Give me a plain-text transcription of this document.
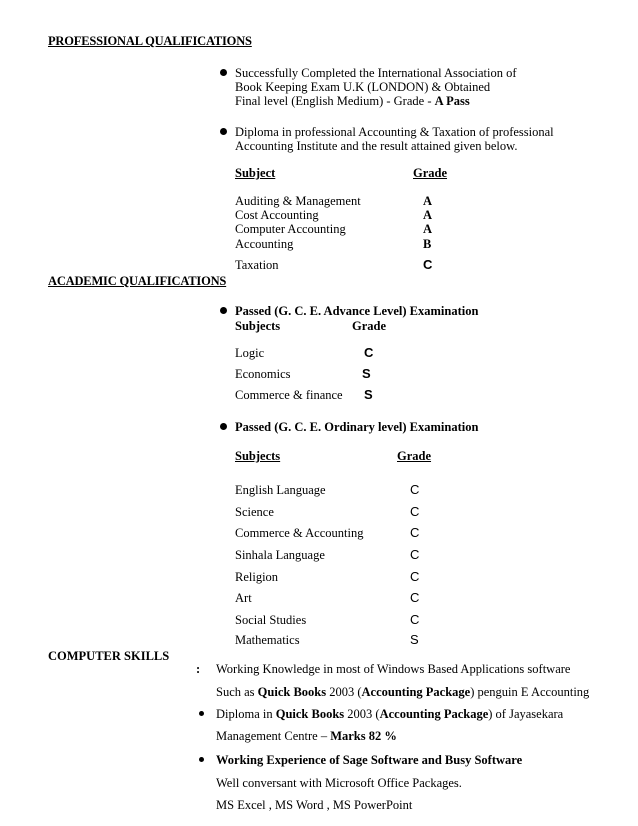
PROFESSIONAL QUALIFICATIONS
Successfully Completed the International Association of
Book Keeping Exam U.K (LONDON) & Obtained
Final level (English Medium) - Grade - A Pass
Diploma in professional Accounting & Taxation of professional
Accounting Institute and the result attained given below.
Subject	Grade
Auditing & Management	A
Cost Accounting	A
Computer Accounting	A
Accounting	B
Taxation	C
ACADEMIC QUALIFICATIONS
Passed (G. C. E. Advance Level) Examination
Subjects	Grade
Logic	C
Economics	S
Commerce & finance S
Passed (G. C. E. Ordinary level) Examination
Subjects	Grade
English Language	C
Science	C
Commerce & Accounting	C
Sinhala Language	C
Religion	C
Art	C
Social Studies	C
Mathematics	S
COMPUTER SKILLS
: Working Knowledge in most of Windows Based Applications software
Such as Quick Books 2003 (Accounting Package) penguin E Accounting
Diploma in Quick Books 2003 (Accounting Package) of Jayasekara
Management Centre – Marks 82 %
Working Experience of Sage Software and Busy Software
Well conversant with Microsoft Office Packages.
MS Excel , MS Word , MS PowerPoint
